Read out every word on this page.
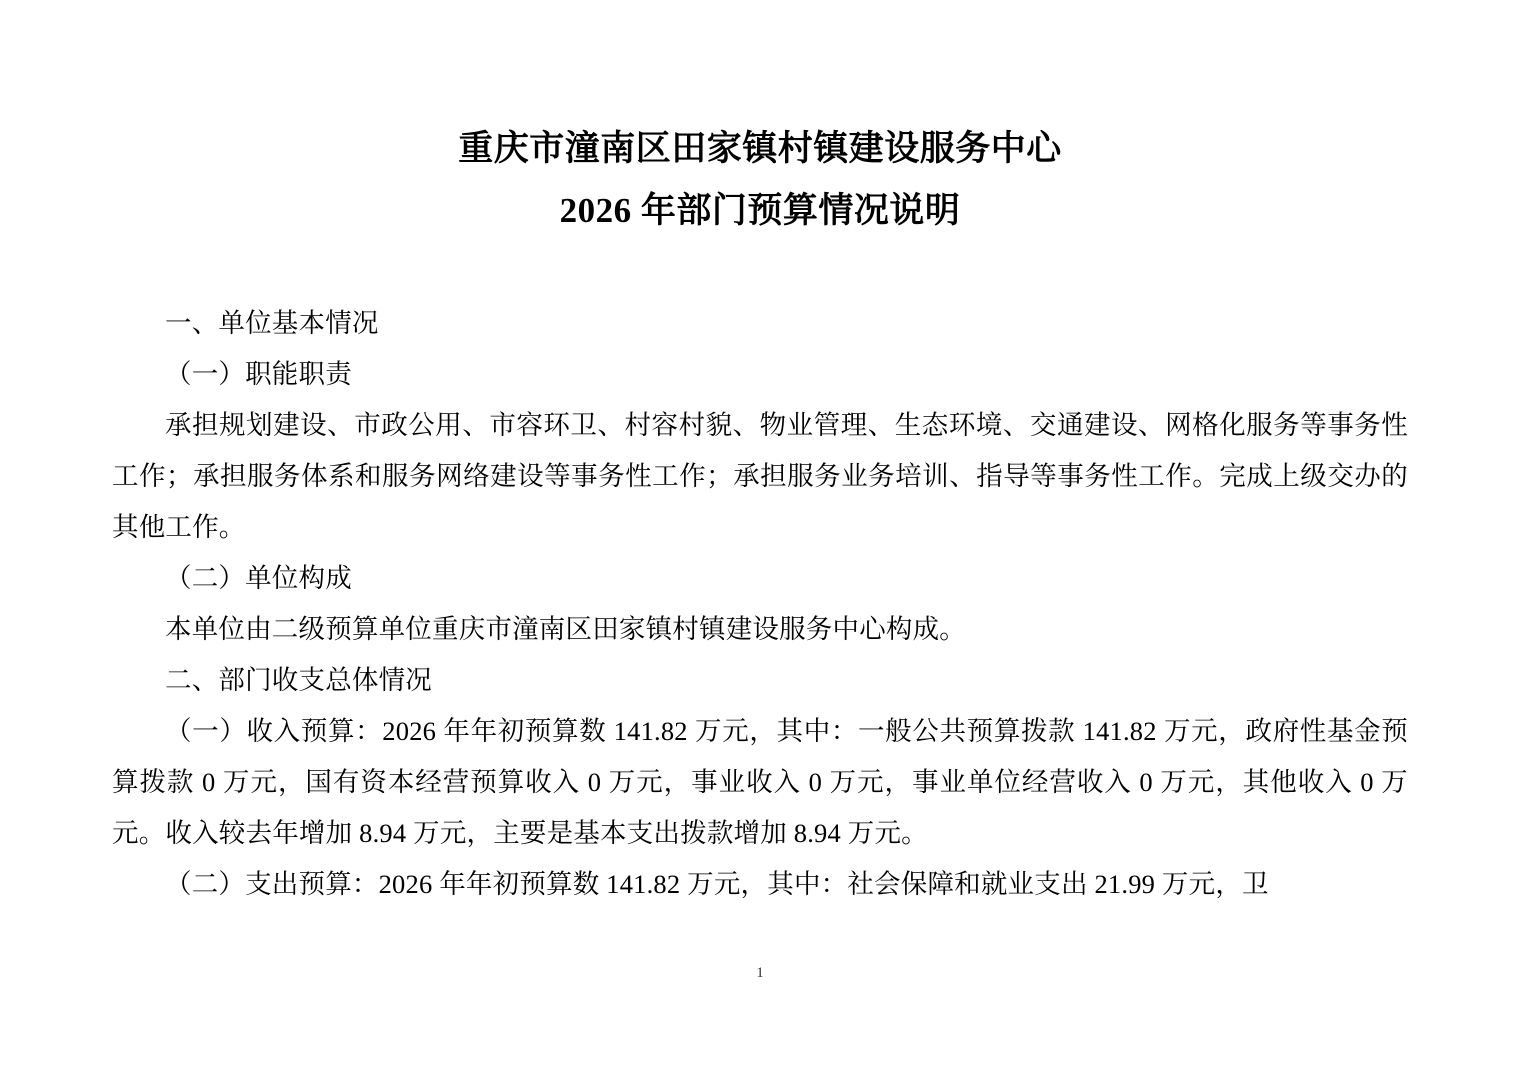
重庆市潼南区田家镇村镇建设服务中心
2026 年部门预算情况说明

一、单位基本情况

（一）职能职责

承担规划建设、市政公用、市容环卫、村容村貌、物业管理、生态环境、交通建设、网格化服务等事务性工作；承担服务体系和服务网络建设等事务性工作；承担服务业务培训、指导等事务性工作。完成上级交办的其他工作。

（二）单位构成

本单位由二级预算单位重庆市潼南区田家镇村镇建设服务中心构成。

二、部门收支总体情况

（一）收入预算：2026 年年初预算数 141.82 万元，其中：一般公共预算拨款 141.82 万元，政府性基金预算拨款 0 万元，国有资本经营预算收入 0 万元，事业收入 0 万元，事业单位经营收入 0 万元，其他收入 0 万元。收入较去年增加 8.94 万元，主要是基本支出拨款增加 8.94 万元。

（二）支出预算：2026 年年初预算数 141.82 万元，其中：社会保障和就业支出 21.99 万元，卫

1
